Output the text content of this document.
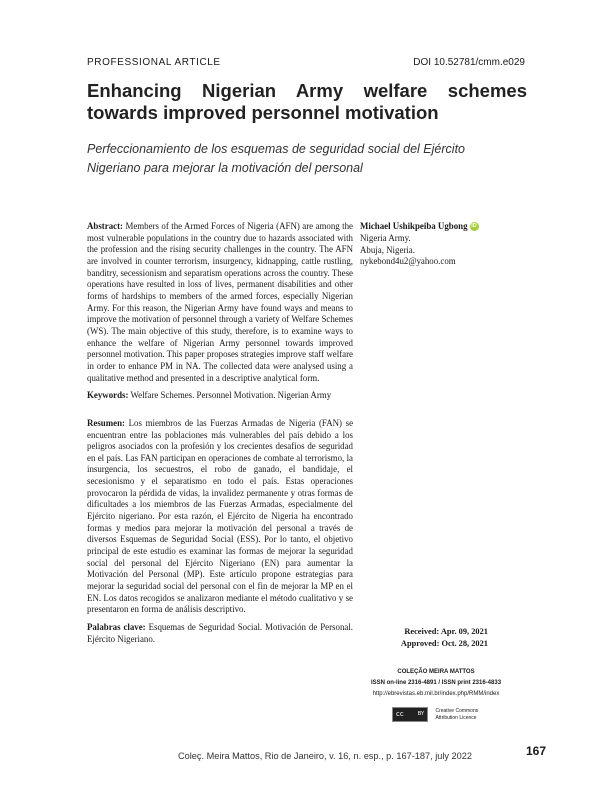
PROFESSIONAL ARTICLE	DOI 10.52781/cmm.e029
Enhancing Nigerian Army welfare schemes towards improved personnel motivation
Perfeccionamiento de los esquemas de seguridad social del Ejército Nigeriano para mejorar la motivación del personal

Abstract: Members of the Armed Forces of Nigeria (AFN) are among the most vulnerable populations in the country due to hazards associated with the profession and the rising security challenges in the country. The AFN are involved in counter terrorism, insurgency, kidnapping, cattle rustling, banditry, secessionism and separatism operations across the country. These operations have resulted in loss of lives, permanent disabilities and other forms of hardships to members of the armed forces, especially Nigerian Army. For this reason, the Nigerian Army have found ways and means to improve the motivation of personnel through a variety of Welfare Schemes (WS). The main objective of this study, therefore, is to examine ways to enhance the welfare of Nigerian Army personnel towards improved personnel motivation. This paper proposes strategies improve staff welfare in order to enhance PM in NA. The collected data were analysed using a qualitative method and presented in a descriptive analytical form.

Keywords: Welfare Schemes. Personnel Motivation. Nigerian Army

Resumen: Los miembros de las Fuerzas Armadas de Nigeria (FAN) se encuentran entre las poblaciones más vulnerables del país debido a los peligros asociados con la profesión y los crecientes desafíos de seguridad en el país. Las FAN participan en operaciones de combate al terrorismo, la insurgencia, los secuestros, el robo de ganado, el bandidaje, el secesionismo y el separatismo en todo el país. Estas operaciones provocaron la pérdida de vidas, la invalidez permanente y otras formas de dificultades a los miembros de las Fuerzas Armadas, especialmente del Ejército nigeriano. Por esta razón, el Ejército de Nigeria ha encontrado formas y medios para mejorar la motivación del personal a través de diversos Esquemas de Seguridad Social (ESS). Por lo tanto, el objetivo principal de este estudio es examinar las formas de mejorar la seguridad social del personal del Ejército Nigeriano (EN) para aumentar la Motivación del Personal (MP). Este artículo propone estrategias para mejorar la seguridad social del personal con el fin de mejorar la MP en el EN. Los datos recogidos se analizaron mediante el método cualitativo y se presentaron en forma de análisis descriptivo.

Palabras clave: Esquemas de Seguridad Social. Motivación de Personal. Ejército Nigeriano.

Michael Ushikpeiba Ugbong iD
Nigeria Army.
Abuja, Nigeria.
nykebond4u2@yahoo.com
Received: Apr. 09, 2021
Approved: Oct. 28, 2021
COLEÇÃO MEIRA MATTOS
ISSN on-line 2316-4891 / ISSN print 2316-4833
http://ebrevistas.eb.mil.br/index.php/RMM/index
cc	BY Creative Commons
Attribution Licence
Coleç. Meira Mattos, Rio de Janeiro, v. 16, n. esp., p. 167-187, july 2022	167
